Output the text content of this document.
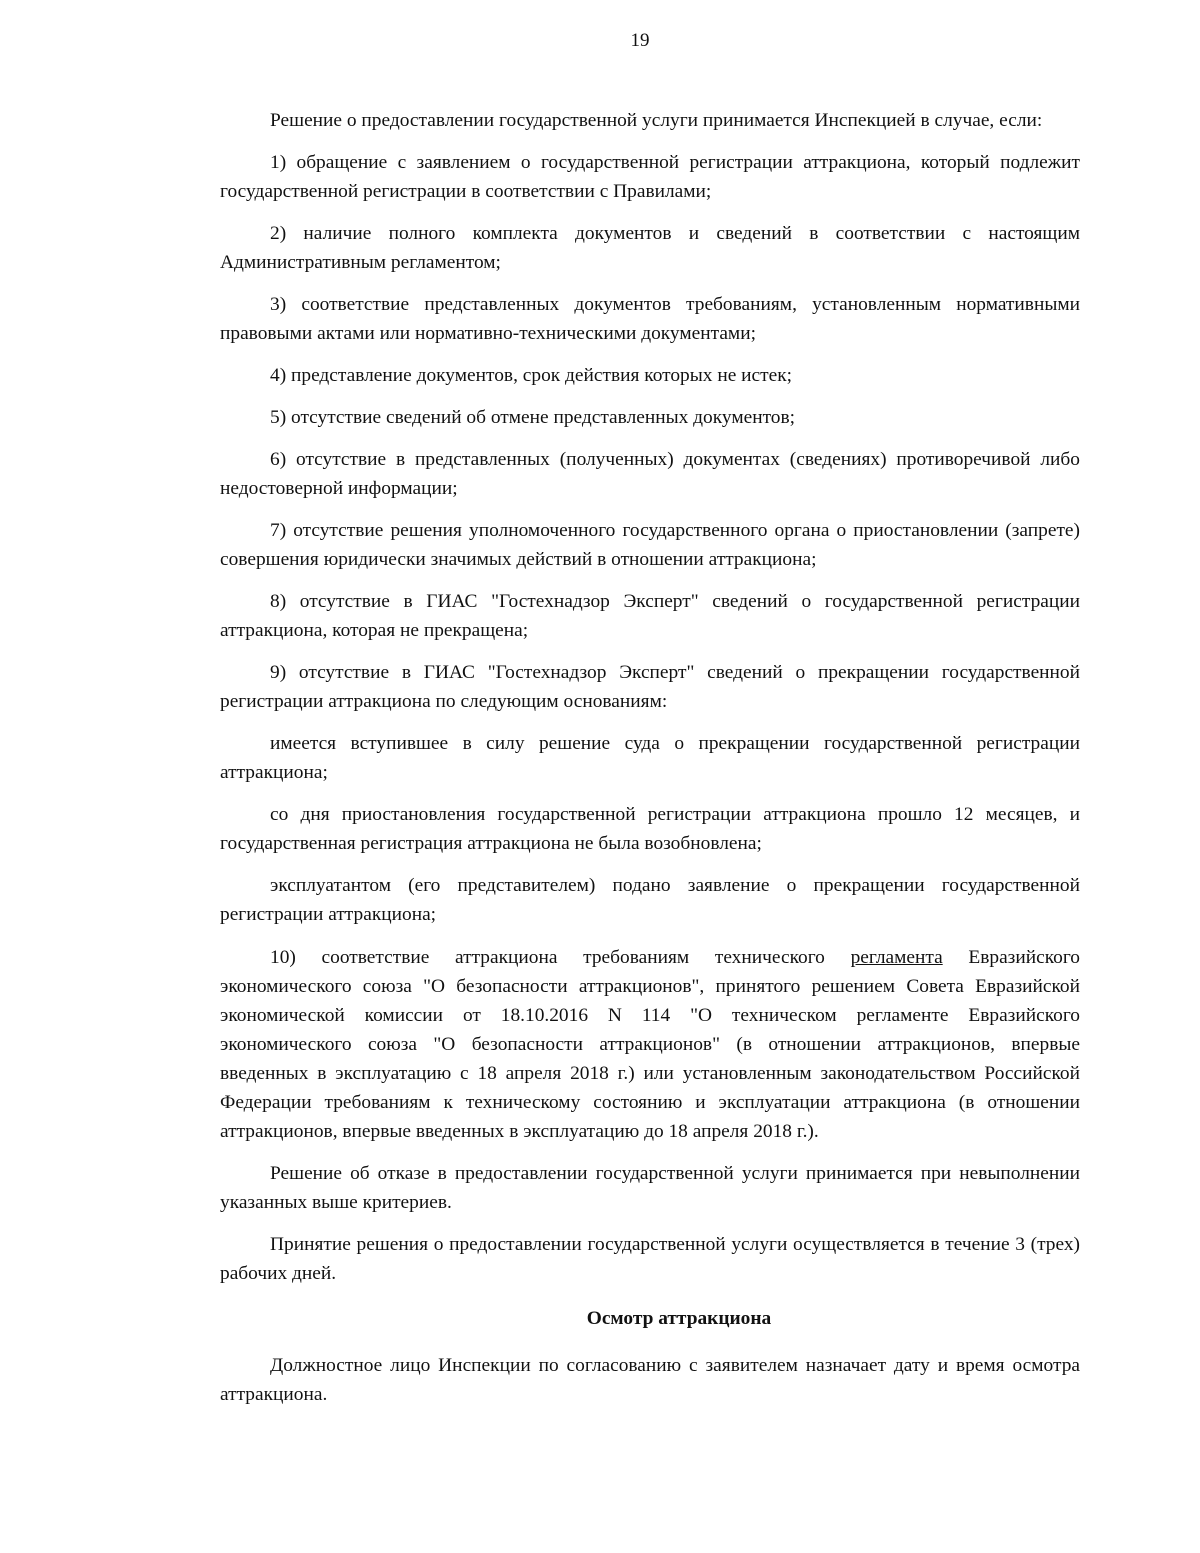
19

Решение о предоставлении государственной услуги принимается Инспекцией в случае, если:

1) обращение с заявлением о государственной регистрации аттракциона, который подлежит государственной регистрации в соответствии с Правилами;

2) наличие полного комплекта документов и сведений в соответствии с настоящим Административным регламентом;

3) соответствие представленных документов требованиям, установленным нормативными правовыми актами или нормативно-техническими документами;

4) представление документов, срок действия которых не истек;

5) отсутствие сведений об отмене представленных документов;

6) отсутствие в представленных (полученных) документах (сведениях) противоречивой либо недостоверной информации;

7) отсутствие решения уполномоченного государственного органа о приостановлении (запрете) совершения юридически значимых действий в отношении аттракциона;

8) отсутствие в ГИАС "Гостехнадзор Эксперт" сведений о государственной регистрации аттракциона, которая не прекращена;

9) отсутствие в ГИАС "Гостехнадзор Эксперт" сведений о прекращении государственной регистрации аттракциона по следующим основаниям:

имеется вступившее в силу решение суда о прекращении государственной регистрации аттракциона;

со дня приостановления государственной регистрации аттракциона прошло 12 месяцев, и государственная регистрация аттракциона не была возобновлена;

эксплуатантом (его представителем) подано заявление о прекращении государственной регистрации аттракциона;

10) соответствие аттракциона требованиям технического регламента Евразийского экономического союза "О безопасности аттракционов", принятого решением Совета Евразийской экономической комиссии от 18.10.2016 N 114 "О техническом регламенте Евразийского экономического союза "О безопасности аттракционов" (в отношении аттракционов, впервые введенных в эксплуатацию с 18 апреля 2018 г.) или установленным законодательством Российской Федерации требованиям к техническому состоянию и эксплуатации аттракциона (в отношении аттракционов, впервые введенных в эксплуатацию до 18 апреля 2018 г.).

Решение об отказе в предоставлении государственной услуги принимается при невыполнении указанных выше критериев.

Принятие решения о предоставлении государственной услуги осуществляется в течение 3 (трех) рабочих дней.

Осмотр аттракциона

Должностное лицо Инспекции по согласованию с заявителем назначает дату и время осмотра аттракциона.
